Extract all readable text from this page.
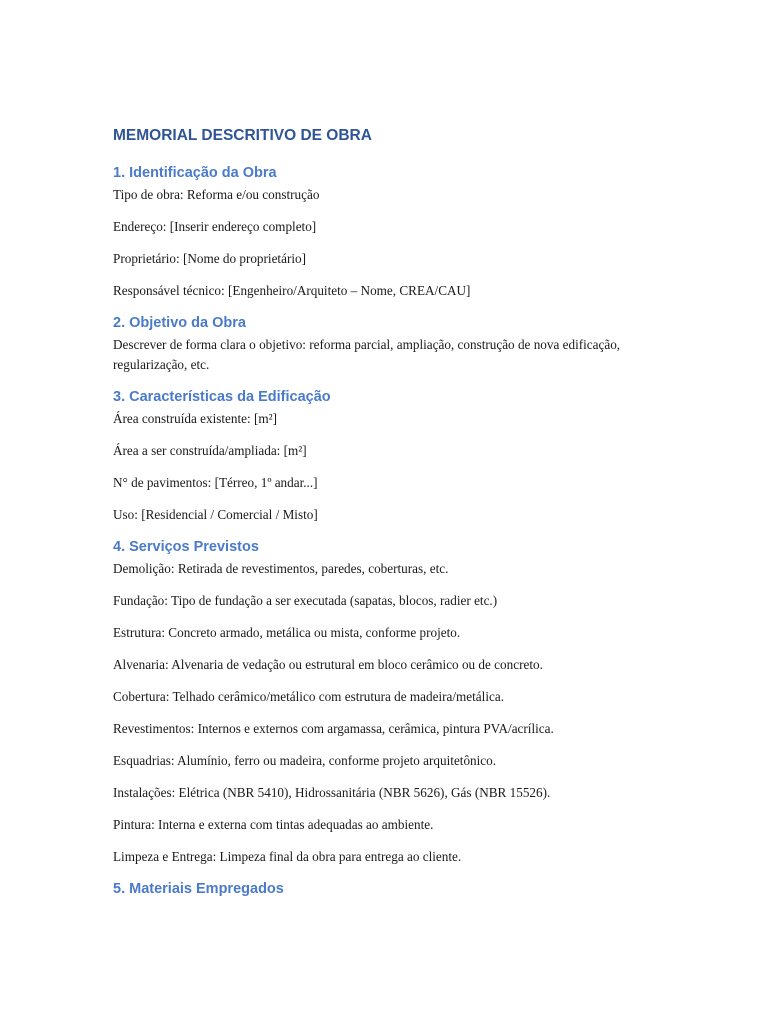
MEMORIAL DESCRITIVO DE OBRA
1. Identificação da Obra

Tipo de obra: Reforma e/ou construção

Endereço: [Inserir endereço completo]

Proprietário: [Nome do proprietário]

Responsável técnico: [Engenheiro/Arquiteto – Nome, CREA/CAU]

2. Objetivo da Obra

Descrever de forma clara o objetivo: reforma parcial, ampliação, construção de nova edificação, regularização, etc.

3. Características da Edificação

Área construída existente: [m²]

Área a ser construída/ampliada: [m²]

N° de pavimentos: [Térreo, 1º andar...]

Uso: [Residencial / Comercial / Misto]

4. Serviços Previstos

Demolição: Retirada de revestimentos, paredes, coberturas, etc.

Fundação: Tipo de fundação a ser executada (sapatas, blocos, radier etc.)

Estrutura: Concreto armado, metálica ou mista, conforme projeto.

Alvenaria: Alvenaria de vedação ou estrutural em bloco cerâmico ou de concreto.

Cobertura: Telhado cerâmico/metálico com estrutura de madeira/metálica.

Revestimentos: Internos e externos com argamassa, cerâmica, pintura PVA/acrílica.

Esquadrias: Alumínio, ferro ou madeira, conforme projeto arquitetônico.

Instalações: Elétrica (NBR 5410), Hidrossanitária (NBR 5626), Gás (NBR 15526).

Pintura: Interna e externa com tintas adequadas ao ambiente.

Limpeza e Entrega: Limpeza final da obra para entrega ao cliente.

5. Materiais Empregados
